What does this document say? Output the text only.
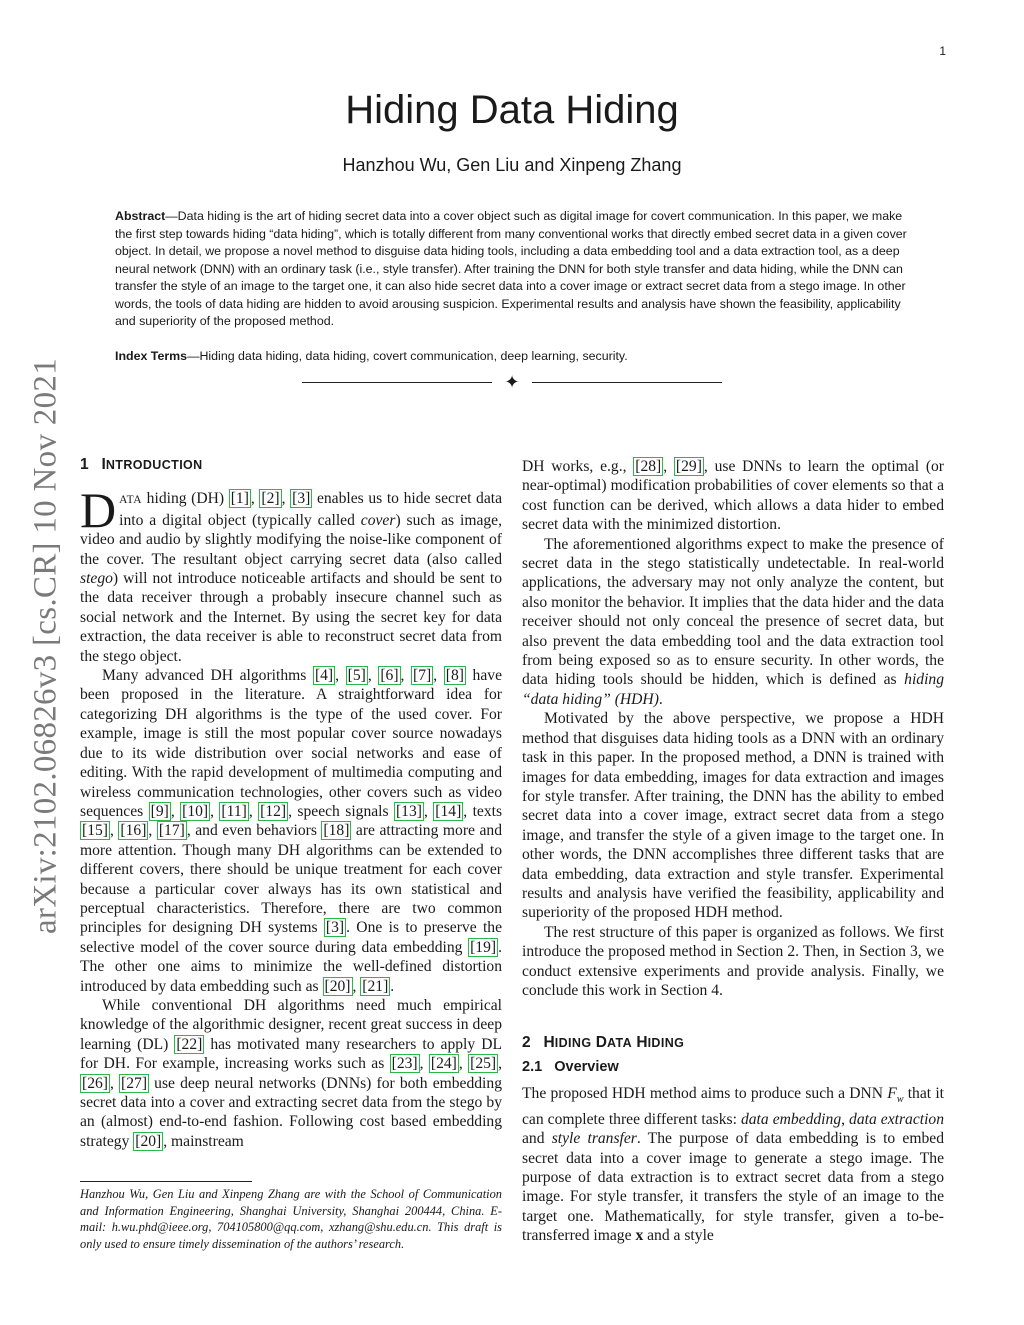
1
arXiv:2102.06826v3 [cs.CR] 10 Nov 2021
Hiding Data Hiding
Hanzhou Wu, Gen Liu and Xinpeng Zhang
Abstract—Data hiding is the art of hiding secret data into a cover object such as digital image for covert communication. In this paper, we make the first step towards hiding “data hiding”, which is totally different from many conventional works that directly embed secret data in a given cover object. In detail, we propose a novel method to disguise data hiding tools, including a data embedding tool and a data extraction tool, as a deep neural network (DNN) with an ordinary task (i.e., style transfer). After training the DNN for both style transfer and data hiding, while the DNN can transfer the style of an image to the target one, it can also hide secret data into a cover image or extract secret data from a stego image. In other words, the tools of data hiding are hidden to avoid arousing suspicion. Experimental results and analysis have shown the feasibility, applicability and superiority of the proposed method.
Index Terms—Hiding data hiding, data hiding, covert communication, deep learning, security.
✦
1 INTRODUCTION

DATA hiding (DH) [1] , [2] , [3] enables us to hide secret data into a digital object (typically called cover) such as image, video and audio by slightly modifying the noise-like component of the cover. The resultant object carrying secret data (also called stego) will not introduce noticeable artifacts and should be sent to the data receiver through a probably insecure channel such as social network and the Internet. By using the secret key for data extraction, the data receiver is able to reconstruct secret data from the stego object.

Many advanced DH algorithms [4] , [5] , [6] , [7] , [8] have been proposed in the literature. A straightforward idea for categorizing DH algorithms is the type of the used cover. For example, image is still the most popular cover source nowadays due to its wide distribution over social networks and ease of editing. With the rapid development of multimedia computing and wireless communication technologies, other covers such as video sequences [9] , [10] , [11] , [12] , speech signals [13] , [14] , texts [15] , [16] , [17] , and even behaviors [18] are attracting more and more attention. Though many DH algorithms can be extended to different covers, there should be unique treatment for each cover because a particular cover always has its own statistical and perceptual characteristics. Therefore, there are two common principles for designing DH systems [3] . One is to preserve the selective model of the cover source during data embedding [19] . The other one aims to minimize the well-defined distortion introduced by data embedding such as [20] , [21] .

While conventional DH algorithms need much empirical knowledge of the algorithmic designer, recent great success in deep learning (DL) [22] has motivated many researchers to apply DL for DH. For example, increasing works such as [23] , [24] , [25] , [26] , [27] use deep neural networks (DNNs) for both embedding secret data into a cover and extracting secret data from the stego by an (almost) end-to-end fashion. Following cost based embedding strategy [20] , mainstream

DH works, e.g., [28] , [29] , use DNNs to learn the optimal (or near-optimal) modification probabilities of cover elements so that a cost function can be derived, which allows a data hider to embed secret data with the minimized distortion.

The aforementioned algorithms expect to make the presence of secret data in the stego statistically undetectable. In real-world applications, the adversary may not only analyze the content, but also monitor the behavior. It implies that the data hider and the data receiver should not only conceal the presence of secret data, but also prevent the data embedding tool and the data extraction tool from being exposed so as to ensure security. In other words, the data hiding tools should be hidden, which is defined as hiding “data hiding” (HDH).

Motivated by the above perspective, we propose a HDH method that disguises data hiding tools as a DNN with an ordinary task in this paper. In the proposed method, a DNN is trained with images for data embedding, images for data extraction and images for style transfer. After training, the DNN has the ability to embed secret data into a cover image, extract secret data from a stego image, and transfer the style of a given image to the target one. In other words, the DNN accomplishes three different tasks that are data embedding, data extraction and style transfer. Experimental results and analysis have verified the feasibility, applicability and superiority of the proposed HDH method.

The rest structure of this paper is organized as follows. We first introduce the proposed method in Section 2. Then, in Section 3, we conduct extensive experiments and provide analysis. Finally, we conclude this work in Section 4.

2 HIDING DATA HIDING
2.1   Overview

The proposed HDH method aims to produce such a DNN $F_w$ that it can complete three different tasks: data embedding, data extraction and style transfer. The purpose of data embedding is to embed secret data into a cover image to generate a stego image. The purpose of data extraction is to extract secret data from a stego image. For style transfer, it transfers the style of an image to the target one. Mathematically, for style transfer, given a to-be-transferred image x and a style

Hanzhou Wu, Gen Liu and Xinpeng Zhang are with the School of Communication and Information Engineering, Shanghai University, Shanghai 200444, China. E-mail: h.wu.phd@ieee.org, 704105800@qq.com, xzhang@shu.edu.cn. This draft is only used to ensure timely dissemination of the authors’ research.
